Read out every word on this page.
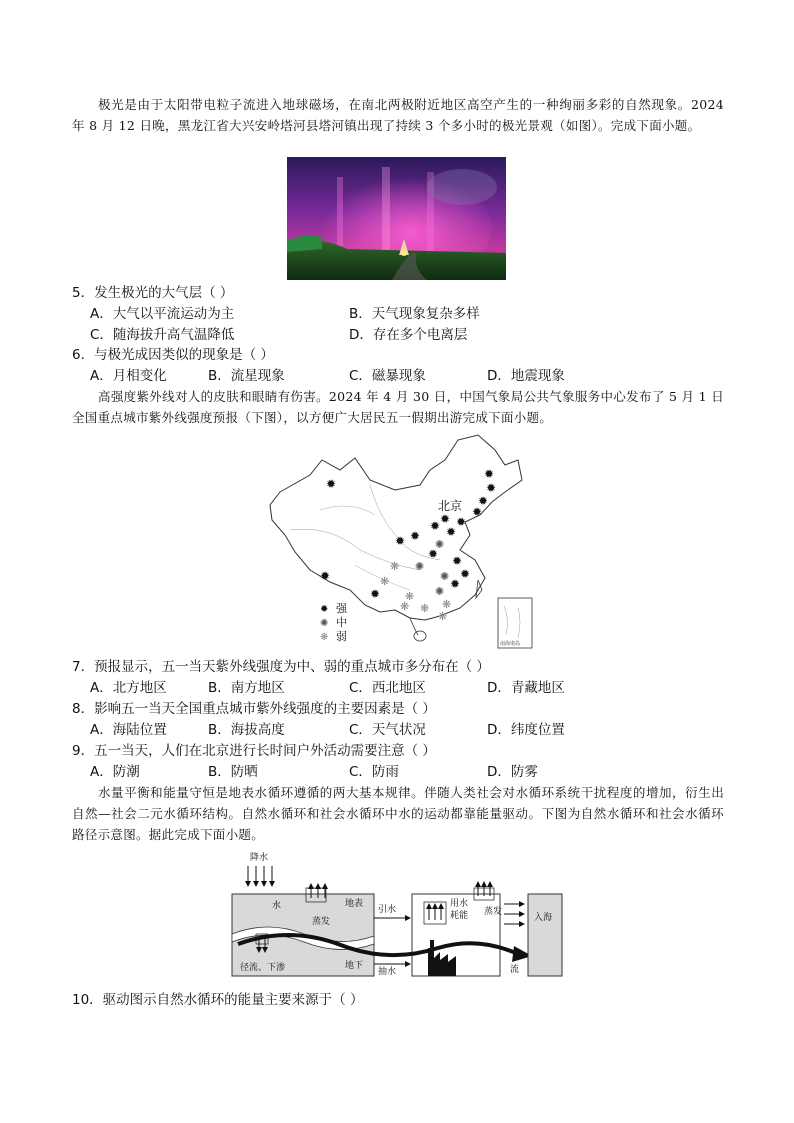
极光是由于太阳带电粒子流进入地球磁场，在南北两极附近地区高空产生的一种绚丽多彩的自然现象。2024 年 8 月 12 日晚，黑龙江省大兴安岭塔河县塔河镇出现了持续 3 个多小时的极光景观（如图）。完成下面小题。
5．发生极光的大气层（ ）
A．大气以平流运动为主	B．天气现象复杂多样
C．随海拔升高气温降低	D．存在多个电离层
6．与极光成因类似的现象是（ ）
A．月相变化	B．流星现象	C．磁暴现象	D．地震现象
高强度紫外线对人的皮肤和眼睛有伤害。2024 年 4 月 30 日，中国气象局公共气象服务中心发布了 5 月 1 日全国重点城市紫外线强度预报（下图），以方便广大居民五一假期出游完成下面小题。
✹
✹
✹
✹
✹
✹
✹
✹ ✹
✹ ✹
✹ ✹
✹
✹
✹
✹
✺
✺
✺
✺
❋
❋
❋
❋
❋
❋
❋
北京
✹ 强
✺ 中
❋ 弱
南海诸岛
7．预报显示，五一当天紫外线强度为中、弱的重点城市多分布在（ ）
A．北方地区	B．南方地区	C．西北地区	D．青藏地区
8．影响五一当天全国重点城市紫外线强度的主要因素是（ ）
A．海陆位置	B．海拔高度	C．天气状况	D．纬度位置
9．五一当天，人们在北京进行长时间户外活动需要注意（ ）
A．防潮	B．防晒	C．防雨	D．防雾
水量平衡和能量守恒是地表水循环遵循的两大基本规律。伴随人类社会对水循环系统干扰程度的增加，衍生出自然—社会二元水循环结构。自然水循环和社会水循环中水的运动都靠能量驱动。下图为自然水循环和社会水循环路径示意图。据此完成下面小题。
降水
水	地表
径流、下渗	地下
蒸发
引水
抽水
用水
耗能 蒸发
流
入海
10．驱动图示自然水循环的能量主要来源于（ ）
